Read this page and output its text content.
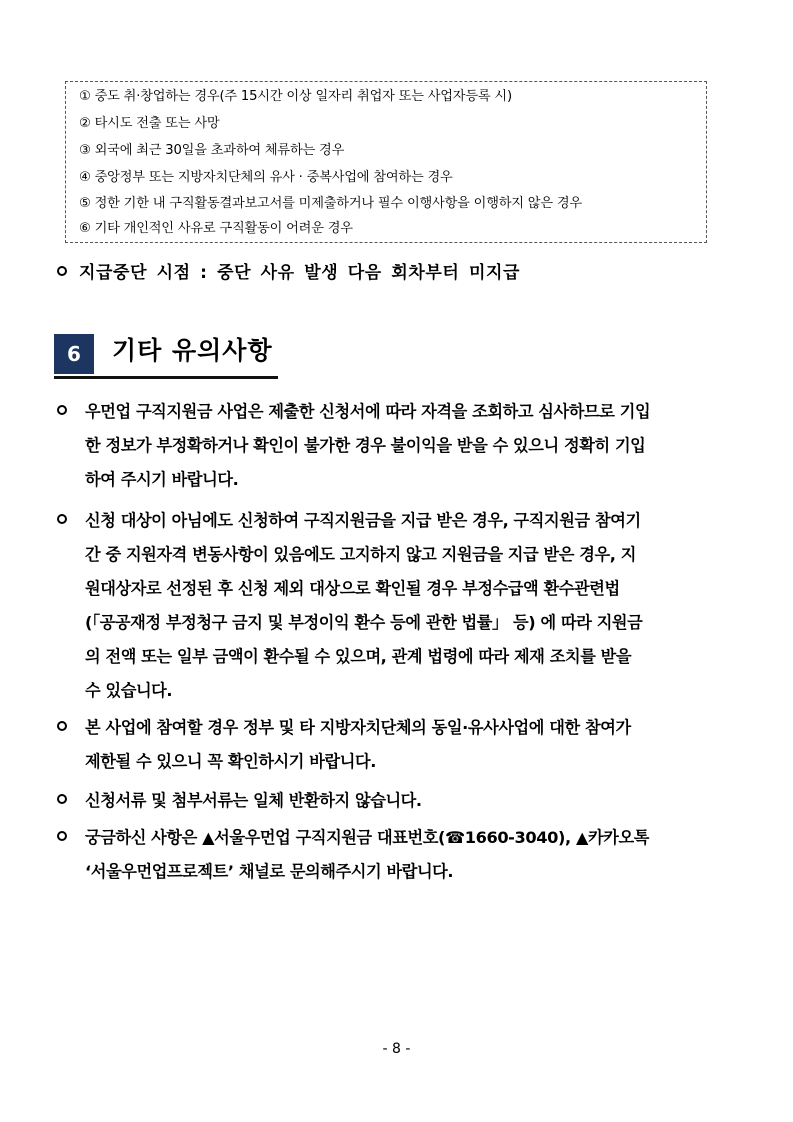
① 중도 취·창업하는 경우(주 15시간 이상 일자리 취업자 또는 사업자등록 시)
② 타시도 전출 또는 사망
③ 외국에 최근 30일을 초과하여 체류하는 경우
④ 중앙정부 또는 지방자치단체의 유사 · 중복사업에 참여하는 경우
⑤ 정한 기한 내 구직활동결과보고서를 미제출하거나 필수 이행사항을 이행하지 않은 경우
⑥ 기타 개인적인 사유로 구직활동이 어려운 경우
지급중단 시점 : 중단 사유 발생 다음 회차부터 미지급
6	기타 유의사항
우먼업 구직지원금 사업은 제출한 신청서에 따라 자격을 조회하고 심사하므로 기입
한 정보가 부정확하거나 확인이 불가한 경우 불이익을 받을 수 있으니 정확히 기입
하여 주시기 바랍니다.
신청 대상이 아님에도 신청하여 구직지원금을 지급 받은 경우, 구직지원금 참여기
간 중 지원자격 변동사항이 있음에도 고지하지 않고 지원금을 지급 받은 경우, 지
원대상자로 선정된 후 신청 제외 대상으로 확인될 경우 부정수급액 환수관련법
(「공공재정 부정청구 금지 및 부정이익 환수 등에 관한 법률」 등) 에 따라 지원금
의 전액 또는 일부 금액이 환수될 수 있으며, 관계 법령에 따라 제재 조치를 받을
수 있습니다.
본 사업에 참여할 경우 정부 및 타 지방자치단체의 동일·유사사업에 대한 참여가
제한될 수 있으니 꼭 확인하시기 바랍니다.
신청서류 및 첨부서류는 일체 반환하지 않습니다.
궁금하신 사항은 ▲서울우먼업 구직지원금 대표번호(☎1660-3040), ▲카카오톡
‘서울우먼업프로젝트’ 채널로 문의해주시기 바랍니다.
- 8 -
